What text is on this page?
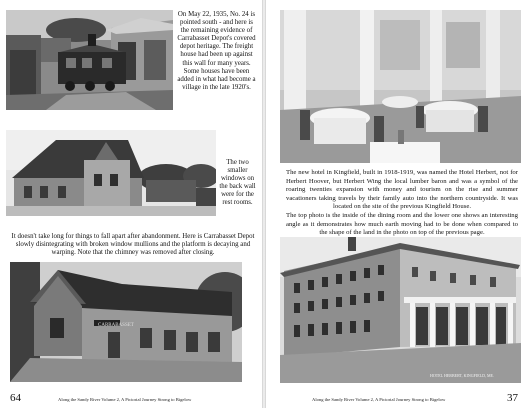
On May 22, 1935, No. 24 is pointed south - and here is the remaining evidence of Carrabasset Depot's covered depot heritage. The freight house had been up against this wall for many years. Some houses have been added in what had become a village in the late 1920's.
The two smaller windows on the back wall were for the rest rooms.
It doesn't take long for things to fall apart after abandonment. Here is Carrabasset Depot slowly disintegrating with broken window mullions and the platform is decaying and warping. Note that the chimney was removed after closing.
CARRABASSET
64	Along the Sandy River Volume 2, A Pictorial Journey Strong to Bigelow
The new hotel in Kingfield, built in 1918-1919, was named the Hotel Herbert, not for Herbert Hoover, but Herbert Wing the local lumber baron and was a symbol of the roaring twenties expansion with money and tourism on the rise and summer vacationers taking travels by their family auto into the northern countryside. It was located on the site of the previous Kingfield House.
The top photo is the inside of the dining room and the lower one shows an interesting angle as it demonstrates how much earth moving had to be done when compared to the shape of the land in the photo on top of the previous page.
HOTEL HERBERT, KINGFIELD, ME.
Along the Sandy River Volume 2, A Pictorial Journey Strong to Bigelow	37
